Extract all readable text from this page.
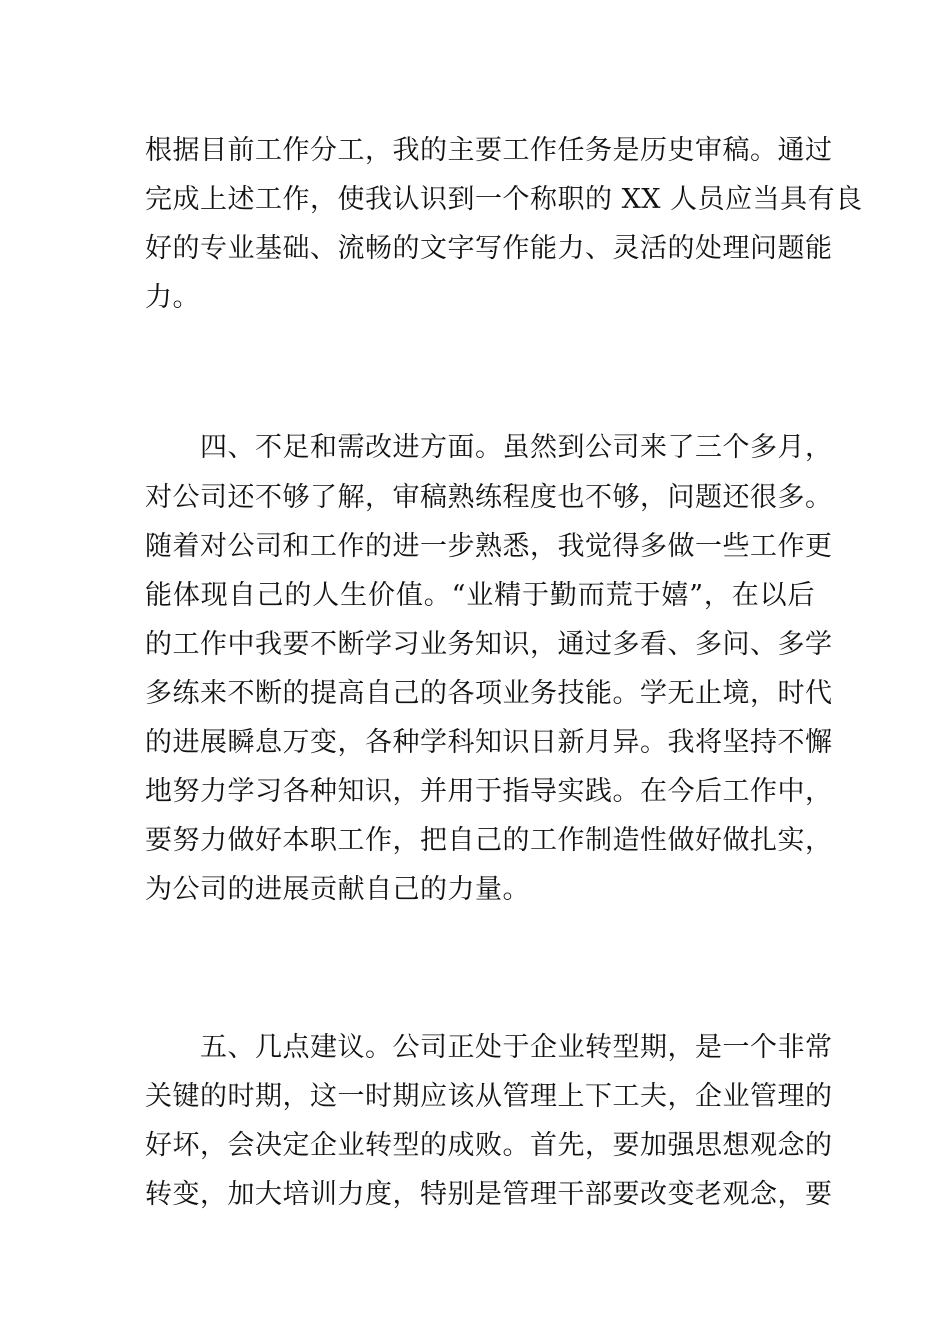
根据目前工作分工，我的主要工作任务是历史审稿。通过

完成上述工作，使我认识到一个称职的 XX 人员应当具有良

好的专业基础、流畅的文字写作能力、灵活的处理问题能

力。

四、不足和需改进方面。虽然到公司来了三个多月，

对公司还不够了解，审稿熟练程度也不够，问题还很多。

随着对公司和工作的进一步熟悉，我觉得多做一些工作更

能体现自己的人生价值。“业精于勤而荒于嬉”，在以后

的工作中我要不断学习业务知识，通过多看、多问、多学

多练来不断的提高自己的各项业务技能。学无止境，时代

的进展瞬息万变，各种学科知识日新月异。我将坚持不懈

地努力学习各种知识，并用于指导实践。在今后工作中，

要努力做好本职工作，把自己的工作制造性做好做扎实，

为公司的进展贡献自己的力量。

五、几点建议。公司正处于企业转型期，是一个非常

关键的时期，这一时期应该从管理上下工夫，企业管理的

好坏，会决定企业转型的成败。首先，要加强思想观念的

转变，加大培训力度，特别是管理干部要改变老观念，要
